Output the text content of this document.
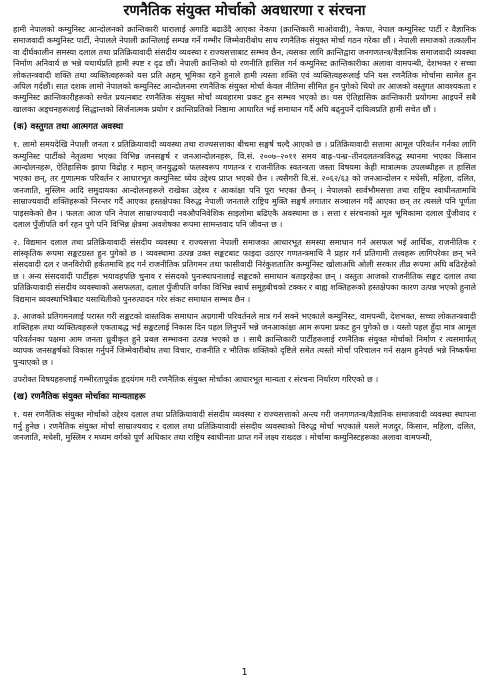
रणनैतिक संयुक्त मोर्चाको अवधारणा र संरचना

हामी नेपालको कम्युनिस्ट आन्दोलनको क्रान्तिकारी धारालाई अगाडि बढाउँदै आएका नेकपा (क्रान्तिकारी माओवादी), नेकपा, नेपाल कम्युनिस्ट पार्टी र वैज्ञानिक समाजवादी कम्युनिस्ट पार्टी, नेपालले नेपाली क्रान्तिलाई सम्पन्न गर्ने गम्भीर जिम्मेवारीबोध साथ रणनैतिक संयुक्त मोर्चा गठन गरेका छौं । नेपाली समाजको तत्कालीन वा दीर्घकालीन समस्या दलाल तथा प्रतिक्रियावादी संसदीय व्यवस्था र राज्यसत्ताबाट सम्भव छैन, त्यसका लागि क्रान्तिद्वारा जनगणतन्त्र/वैज्ञानिक समाजवादी व्यवस्था निर्माण अनिवार्य छ भन्ने यथार्थप्रति हामी स्पष्ट र दृढ छौं। नेपाली क्रान्तिको यो रणनीति हासिल गर्न कम्युनिस्ट क्रान्तिकारीका अलावा वामपन्थी, देशभक्त र सच्चा लोकतन्त्रवादी शक्ति तथा व्यक्तित्वहरूको यस प्रति अहम् भूमिका रहने हुनाले हामी त्यस्ता शक्ति एवं व्यक्तित्वहरूलाई पनि यस रणनैतिक मोर्चामा सामेल हुन अपिल गर्दछौं। सात दशक लामो नेपालको कम्युनिस्ट आन्दोलनमा रणनैतिक संयुक्त मोर्चा केवल नीतिमा सीमित हुन पुगेको थियो तर आजको वस्तुगत आवश्यकता र कम्युनिस्ट क्रान्तिकारीहरूको सचेत प्रयत्नबाट रणनैतिक संयुक्त मोर्चा व्यवहारमा प्रकट हुन सम्भव भएको छ। यस ऐतिहासिक क्रान्तिकारी प्रयोगमा आइपर्ने सबै खालका अड्चनहरूलाई सिद्धान्तको सिर्जनात्मक प्रयोग र क्रान्तिप्रतिको निष्ठामा आधारित भई समाधान गर्दै अघि बढ्नुपर्ने दायित्वप्रति हामी सचेत छौं ।

(क) वस्तुगत तथा आत्मगत अवस्था

१. लामो समयदेखि नेपाली जनता र प्रतिक्रियावादी व्यवस्था तथा राज्यसत्ताका बीचमा सङ्घर्ष चल्दै आएको छ । प्रतिक्रियावादी सत्तामा आमूल परिवर्तन गर्नका लागि कम्युनिस्ट पार्टीको नेतृत्वमा भएका विभिन्न जनसङ्घर्ष र जनआन्दोलनहरू, वि.सं. २००७–२०११ समय बाह्र–पन्ध्र–तीनदलतन्त्रविरुद्ध स्थानमा भएका किसान आन्दोलनहरू, ऐतिहासिक झापा विद्रोह र महान् जनयुद्धको फलस्वरूप गणतन्त्र र राजनीतिक स्वतन्त्रता जस्ता विषयमा केही मात्रात्मक उपलब्धीहरू त हासिल भएका छन्, तर गुणात्मक परिवर्तन र आधारभूत कम्युनिस्ट ध्येय उद्देश्य प्राप्त भएको छैन । त्यसैगरी वि.सं. २०६२/६३ को जनआन्दोलन र मधेसी, महिला, दलित, जनजाति, मुस्लिम आदि समुदायका आन्दोलनहरूले राखेका उद्देश्य र आकांक्षा पनि पूरा भएका छैनन् । नेपालको सार्वभौमसत्ता तथा राष्ट्रिय स्वाधीनतामाथि साम्राज्यवादी शक्तिहरूको निरन्तर गर्दै आएका हस्तक्षेपका विरुद्ध नेपाली जनताले राष्ट्रिय मुक्ति सङ्घर्ष लगातार सञ्चालन गर्दै आएका छन् तर त्यसले पनि पूर्णता पाइसकेको छैन । फलतः आज पनि नेपाल साम्राज्यवादी नवऔपनिवेशिक साइलोमा बढिएकै अवस्थामा छ । सत्ता र संरचनाको मूल भूमिकामा दलाल पुँजीवाद र दलाल पुँजीपति वर्ग रहन पुगे पनि विभिन्न क्षेत्रमा अवशेषका रूपमा सामन्तवाद पनि जीवन्त छ ।

२. विद्यमान दलाल तथा प्रतिक्रियावादी संसदीय व्यवस्था र राज्यसत्ता नेपाली समाजका आधारभूत समस्या समाधान गर्न असफल भई आर्थिक, राजनीतिक र सांस्कृतिक रूपमा सङ्कटग्रस्त हुन पुगेको छ । व्यवस्थामा उत्पन्न उक्त सङ्कटबाट फाइदा उठाएर गणतन्त्रमाथि नै प्रहार गर्न प्रतिगामी तत्त्वहरू लागिपरेका छन् भने संसदवादी दल र जनविरोधी हर्कतमाथि हद गर्न राजनीतिक प्रतिगमन तथा फासीवादी निरंकुशतातिर कम्युनिस्ट खोलाअघि ओली सरकार तीव्र रूपमा अघि बढिरहेको छ । अन्य संसदवादी पार्टीहरू भयावहपछि चुनाव र संसदको पुनःस्थापनालाई सङ्कटको समाधान बताइरहेका छन् । वस्तुतः आजको राजनीतिक सङ्कट दलाल तथा प्रतिक्रियावादी संसदीय व्यवस्थाको असफलता, दलाल पुँजीपति वर्गका विभिन्न स्वार्थ समूहबीचको टक्कर र बाह्य शक्तिहरूको हस्तक्षेपका कारण उत्पन्न भएको हुनाले विद्यमान व्यवस्थाभित्रैबाट यसाथितीको पुनरुत्पादन गरेर संकट समाधान सम्भव छैन ।

३. आजको प्रतिगमनलाई परास्त गरी सङ्कटको वास्तविक समाधान अग्रगामी परिवर्तनले मात्र गर्न सक्ने भएकाले कम्युनिस्ट, वामपन्थी, देशभक्त, सच्चा लोकतन्त्रवादी शक्तिहरू तथा व्यक्तित्वहरूले एकताबद्ध भई सङ्कटलाई निकास दिन पहल लिनुपर्ने भन्ने जनआकांक्षा आम रूपमा प्रकट हुन पुगेको छ । यस्तो पहल हुँदा मात्र आमूल परिवर्तनका पक्षमा आम जनता ध्रुवीकृत हुने प्रबल सम्भावना उत्पन्न भएको छ । साथै क्रान्तिकारी पार्टीहरूलाई रणनैतिक संयुक्त मोर्चाको निर्माण र त्यसमार्फत् व्यापक जनसङ्घर्षको विकास गर्नुपर्ने जिम्मेवारीबोध तथा विचार, राजनीति र भौतिक शक्तिको दृष्टिले समेत त्यस्तो मोर्चा परिचालन गर्न सक्षम हुनेपर्छ भन्ने निष्कर्षमा पुऱ्याएको छ ।

उपरोक्त विषयहरूलाई गम्भीरतापूर्वक हृदयंगम गरी रणनैतिक संयुक्त मोर्चाका आधारभूत मान्यता र संरचना निर्धारण गरिएको छ ।

(ख) रणनैतिक संयुक्त मोर्चाका मान्यताहरू

१. यस रणनैतिक संयुक्त मोर्चाको उद्देश्य दलाल तथा प्रतिक्रियावादी संसदीय व्यवस्था र राज्यसत्ताको अन्त्य गरी जनगणतन्त्र/वैज्ञानिक समाजवादी व्यवस्था स्थापना गर्नु हुनेछ । रणनैतिक संयुक्त मोर्चा साम्राज्यवाद र दलाल तथा प्रतिक्रियावादी संसदीय व्यवस्थाको विरुद्ध मोर्चा भएकाले यसले मजदुर, किसान, महिला, दलित, जनजाति, मधेसी, मुस्लिम र मध्यम वर्गको पूर्ण अधिकार तथा राष्ट्रिय स्वाधीनता प्राप्त गर्ने लक्ष्य राख्दछ । मोर्चामा कम्युनिस्टहरूका अलावा वामपन्थी,

1
